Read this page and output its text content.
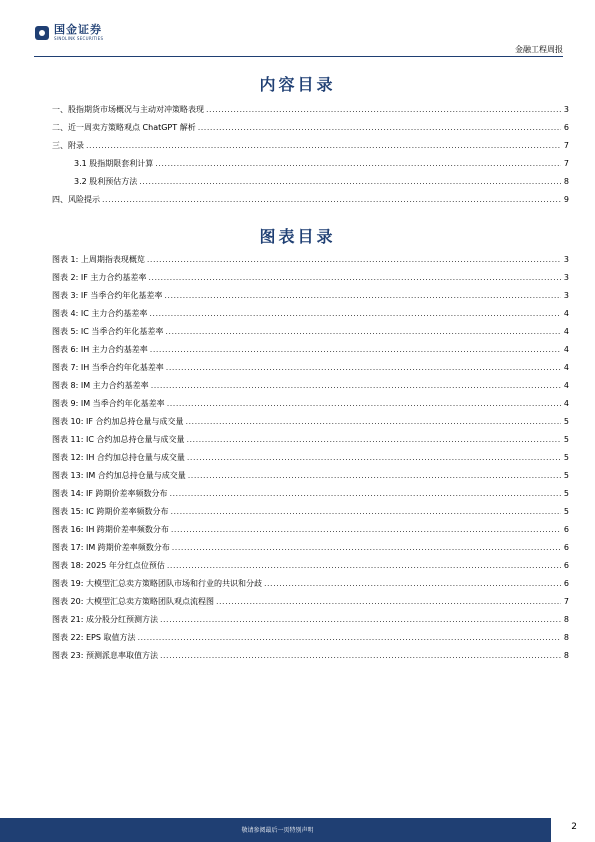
国金证券
SINOLINK SECURITIES
金融工程周报
内容目录
一、股指期货市场概况与主动对冲策略表现 .....	3
二、近一周卖方策略观点 ChatGPT 解析 .....	6
三、附录 .....	7
3.1 股指期限套利计算 .....	7
3.2 股利预估方法 .....	8
四、风险提示 .....	9
图表目录
图表 1: 上周期指表现概览 .....	3
图表 2: IF 主力合约基差率 .....	3
图表 3: IF 当季合约年化基差率 .....	3
图表 4: IC 主力合约基差率 .....	4
图表 5: IC 当季合约年化基差率 .....	4
图表 6: IH 主力合约基差率 .....	4
图表 7: IH 当季合约年化基差率 .....	4
图表 8: IM 主力合约基差率 .....	4
图表 9: IM 当季合约年化基差率 .....	4
图表 10: IF 合约加总持仓量与成交量 .....	5
图表 11: IC 合约加总持仓量与成交量 .....	5
图表 12: IH 合约加总持仓量与成交量 .....	5
图表 13: IM 合约加总持仓量与成交量 .....	5
图表 14: IF 跨期价差率频数分布 .....	5
图表 15: IC 跨期价差率频数分布 .....	5
图表 16: IH 跨期价差率频数分布 .....	6
图表 17: IM 跨期价差率频数分布 .....	6
图表 18: 2025 年分红点位预估 .....	6
图表 19: 大模型汇总卖方策略团队市场和行业的共识和分歧 .....	6
图表 20: 大模型汇总卖方策略团队观点流程图 .....	7
图表 21: 成分股分红预测方法 .....	8
图表 22: EPS 取值方法 .....	8
图表 23: 预测派息率取值方法 .....	8
敬请参阅最后一页特别声明	2
